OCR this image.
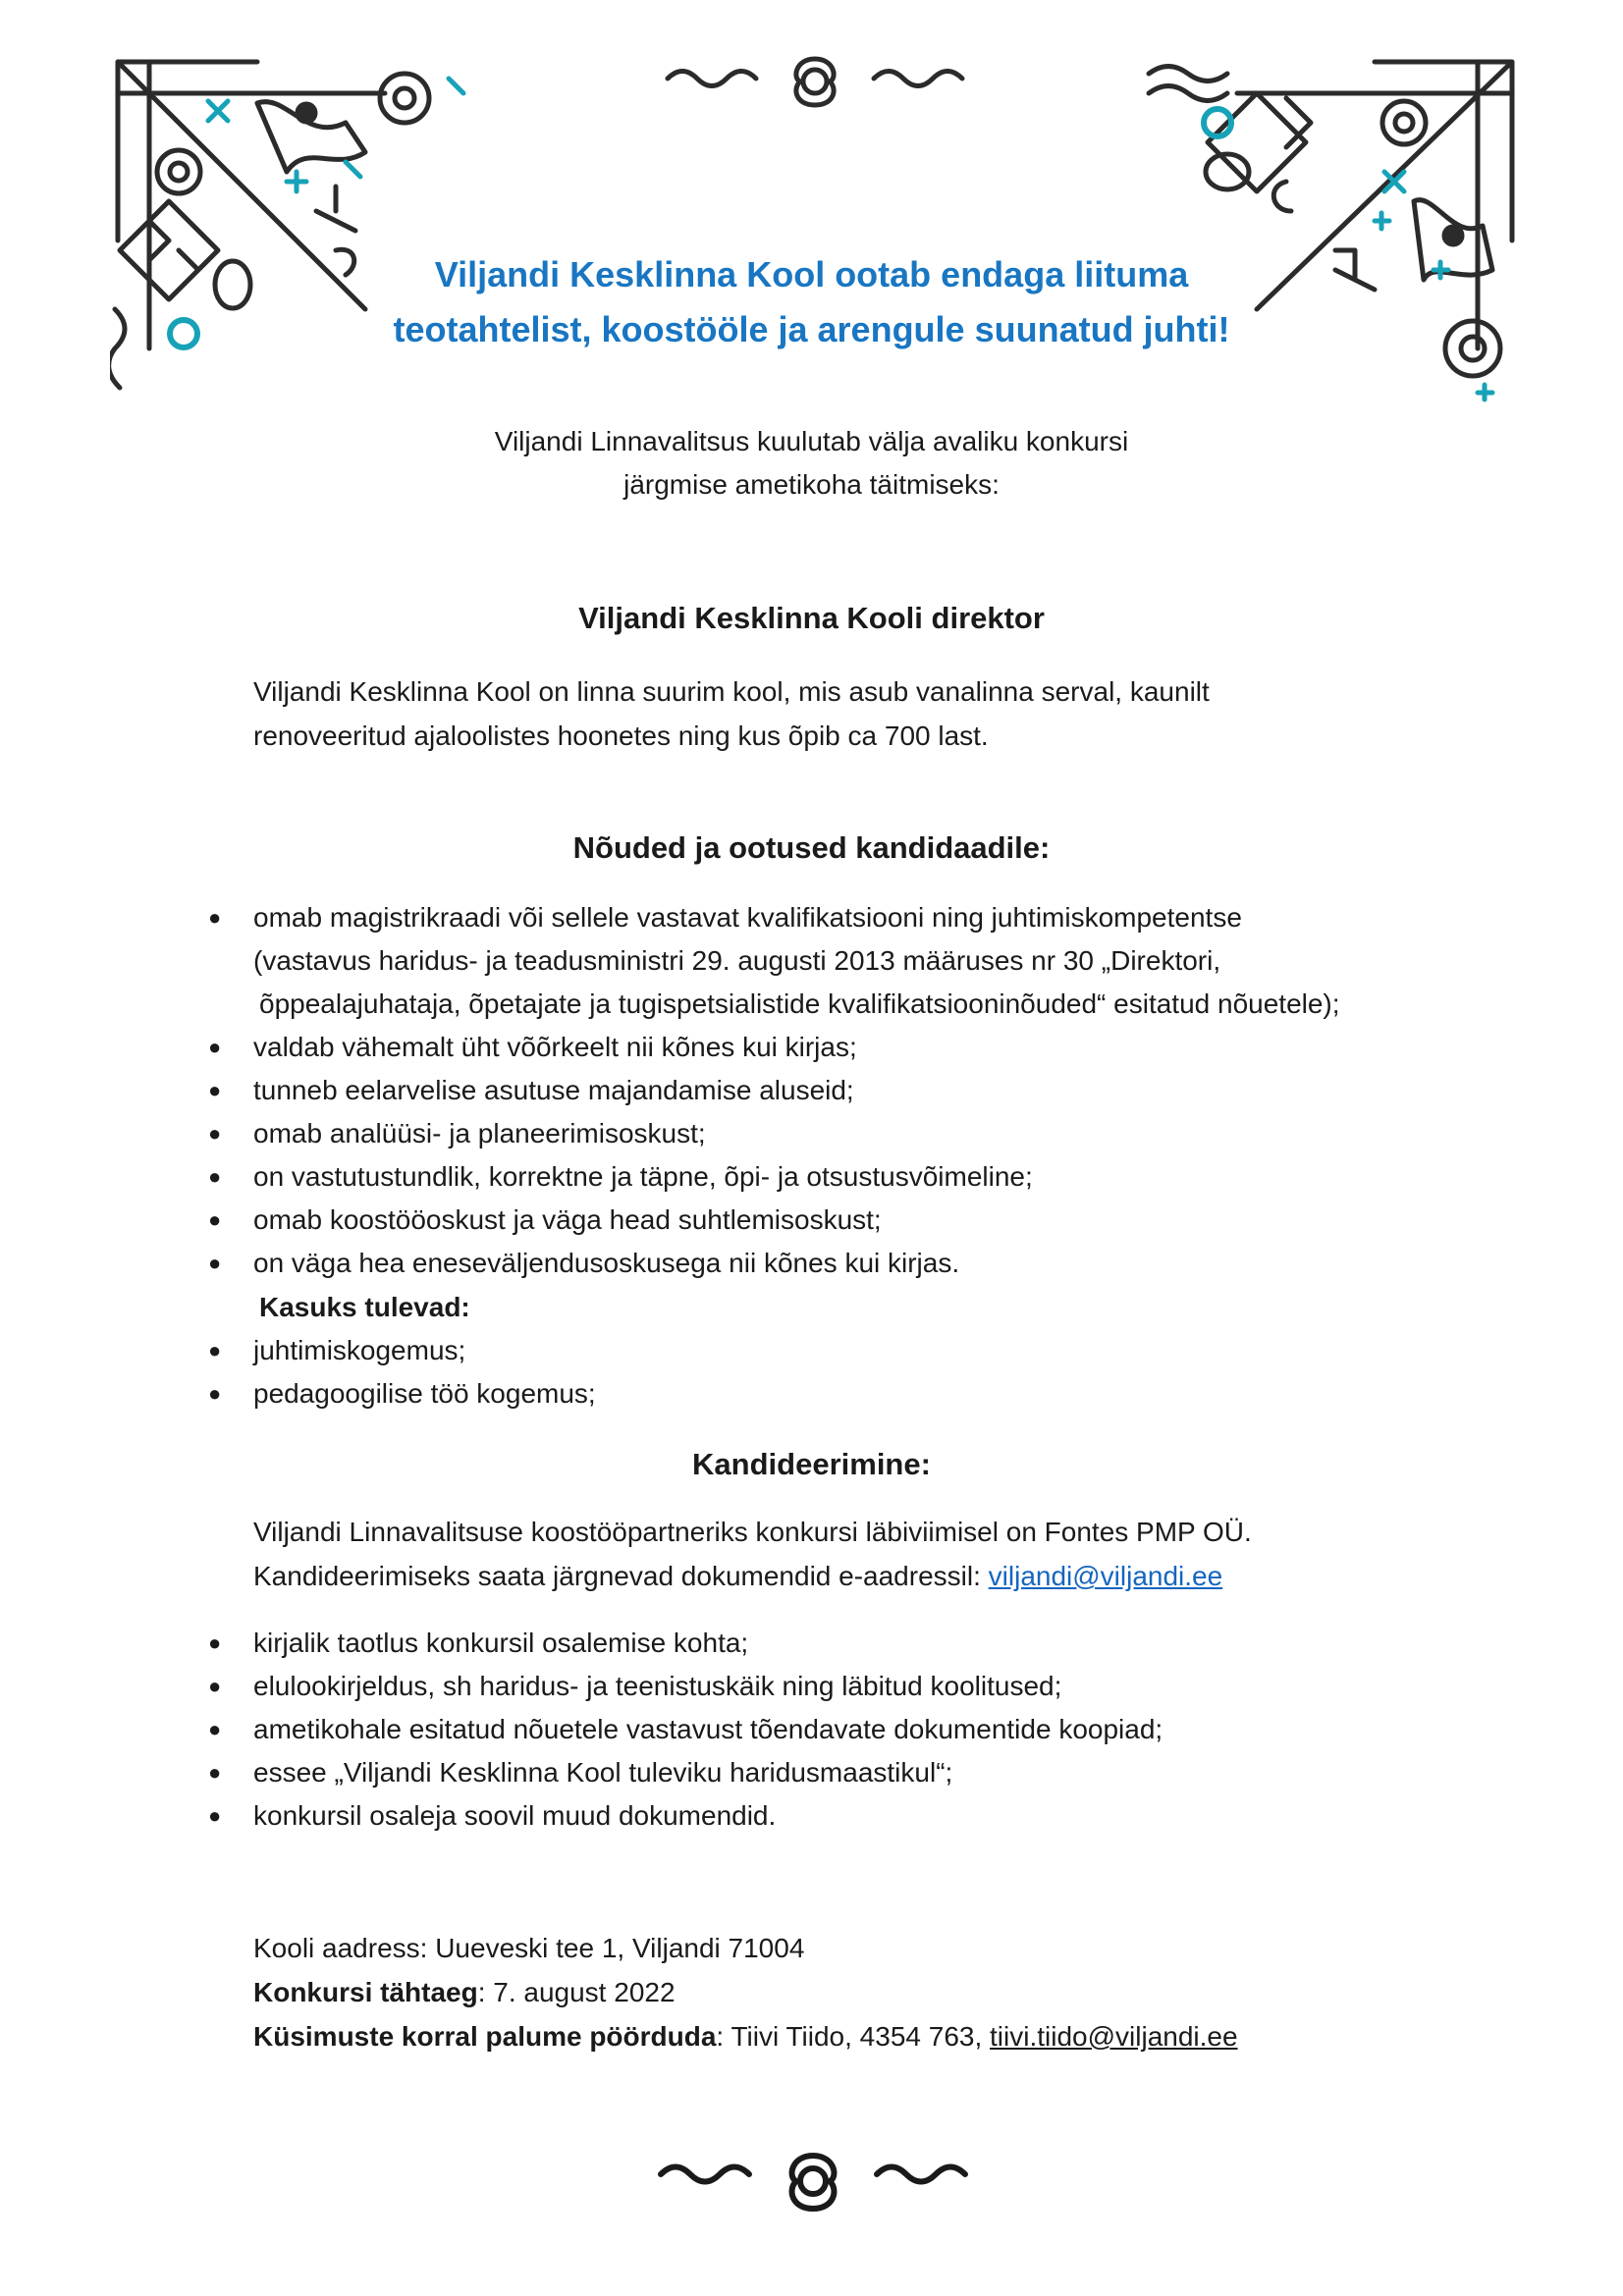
Viljandi Kesklinna Kool ootab endaga liituma
teotahtelist, koostööle ja arengule suunatud juhti!
Viljandi Linnavalitsus kuulutab välja avaliku konkursi
järgmise ametikoha täitmiseks:
Viljandi Kesklinna Kooli direktor
Viljandi Kesklinna Kool on linna suurim kool, mis asub vanalinna serval, kaunilt
renoveeritud ajaloolistes hoonetes ning kus õpib ca 700 last.
Nõuded ja ootused kandidaadile:
● omab magistrikraadi või sellele vastavat kvalifikatsiooni ning juhtimiskompetentse
(vastavus haridus- ja teadusministri 29. augusti 2013 määruses nr 30 „Direktori,
õppealajuhataja, õpetajate ja tugispetsialistide kvalifikatsiooninõuded“ esitatud nõuetele);
● valdab vähemalt üht võõrkeelt nii kõnes kui kirjas;
● tunneb eelarvelise asutuse majandamise aluseid;
● omab analüüsi- ja planeerimisoskust;
● on vastutustundlik, korrektne ja täpne, õpi- ja otsustusvõimeline;
● omab koostööoskust ja väga head suhtlemisoskust;
● on väga hea eneseväljendusoskusega nii kõnes kui kirjas.
Kasuks tulevad:
● juhtimiskogemus;
● pedagoogilise töö kogemus;
Kandideerimine:
Viljandi Linnavalitsuse koostööpartneriks konkursi läbiviimisel on Fontes PMP OÜ.
Kandideerimiseks saata järgnevad dokumendid e-aadressil: viljandi@viljandi.ee
● kirjalik taotlus konkursil osalemise kohta;
● elulookirjeldus, sh haridus- ja teenistuskäik ning läbitud koolitused;
● ametikohale esitatud nõuetele vastavust tõendavate dokumentide koopiad;
● essee „Viljandi Kesklinna Kool tuleviku haridusmaastikul“;
● konkursil osaleja soovil muud dokumendid.
Kooli aadress: Uueveski tee 1, Viljandi 71004
Konkursi tähtaeg: 7. august 2022
Küsimuste korral palume pöörduda: Tiivi Tiido, 4354 763, tiivi.tiido@viljandi.ee
